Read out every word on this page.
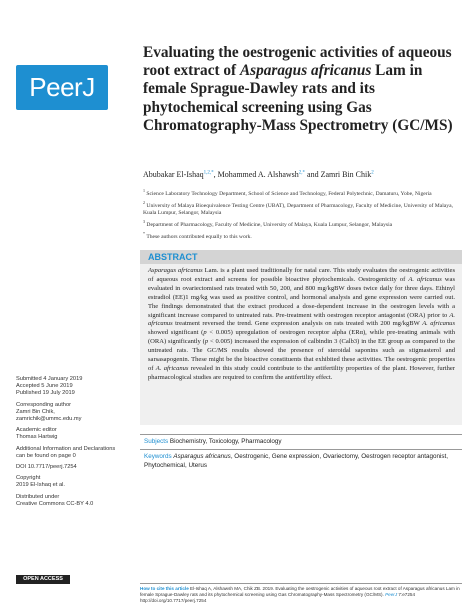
PeerJ
Evaluating the oestrogenic activities of aqueous root extract of Asparagus africanus Lam in female Sprague-Dawley rats and its phytochemical screening using Gas Chromatography-Mass Spectrometry (GC/MS)
Abubakar El-Ishaq$^{1,2,*}$, Mohammed A. Alshawsh$^{2,*}$ and Zamri Bin Chik$^2$

$^1$ Science Laboratory Technology Department, School of Science and Technology, Federal Polytechnic, Damaturu, Yobe, Nigeria

$^2$ University of Malaya Bioequivalence Testing Centre (UBAT), Department of Pharmacology, Faculty of Medicine, University of Malaya, Kuala Lumpur, Selangor, Malaysia

$^3$ Department of Pharmacology, Faculty of Medicine, University of Malaya, Kuala Lumpur, Selangor, Malaysia

* These authors contributed equally to this work.

ABSTRACT
Asparagus africanus Lam. is a plant used traditionally for natal care. This study evaluates the oestrogenic activities of aqueous root extract and screens for possible bioactive phytochemicals. Oestrogenicity of A. africanus was evaluated in ovariectomised rats treated with 50, 200, and 800 mg/kgBW doses twice daily for three days. Ethinyl estradiol (EE)1 mg/kg was used as positive control, and hormonal analysis and gene expression were carried out. The findings demonstrated that the extract produced a dose-dependent increase in the oestrogen levels with a significant increase compared to untreated rats. Pre-treatment with oestrogen receptor antagonist (ORA) prior to A. africanus treatment reversed the trend. Gene expression analysis on rats treated with 200 mg/kgBW A. africanus showed significant (p < 0.005) upregulation of oestrogen receptor alpha (ERα), while pre-treating animals with (ORA) significantly (p < 0.005) increased the expression of calbindin 3 (Calb3) in the EE group as compared to the untreated rats. The GC/MS results showed the presence of steroidal saponins such as stigmasterol and sarsasapogenin. These might be the bioactive constituents that exhibited these activities. The oestrogenic properties of A. africanus revealed in this study could contribute to the antifertility properties of the plant. However, further pharmacological studies are required to confirm the antifertility effect.
Subjects Biochemistry, Toxicology, Pharmacology
Keywords Asparagus africanus, Oestrogenic, Gene expression, Ovariectomy, Oestrogen receptor antagonist, Phytochemical, Uterus
Submitted 4 January 2019
Accepted 5 June 2019
Published 19 July 2019
Corresponding author
Zamri Bin Chik,
zamrichik@ummc.edu.my
Academic editor
Thomas Hartwig
Additional Information and Declarations can be found on page 0
DOI 10.7717/peerj.7254
Copyright
2019 El-Ishaq et al.
Distributed under
Creative Commons CC-BY 4.0
OPEN ACCESS
How to cite this article El-Ishaq A, Alshawsh MA, Chik ZB. 2019. Evaluating the oestrogenic activities of aqueous root extract of Asparagus africanus Lam in female Sprague-Dawley rats and its phytochemical screening using Gas Chromatography-Mass Spectrometry (GC/MS). PeerJ 7:e7254 http://doi.org/10.7717/peerj.7254
